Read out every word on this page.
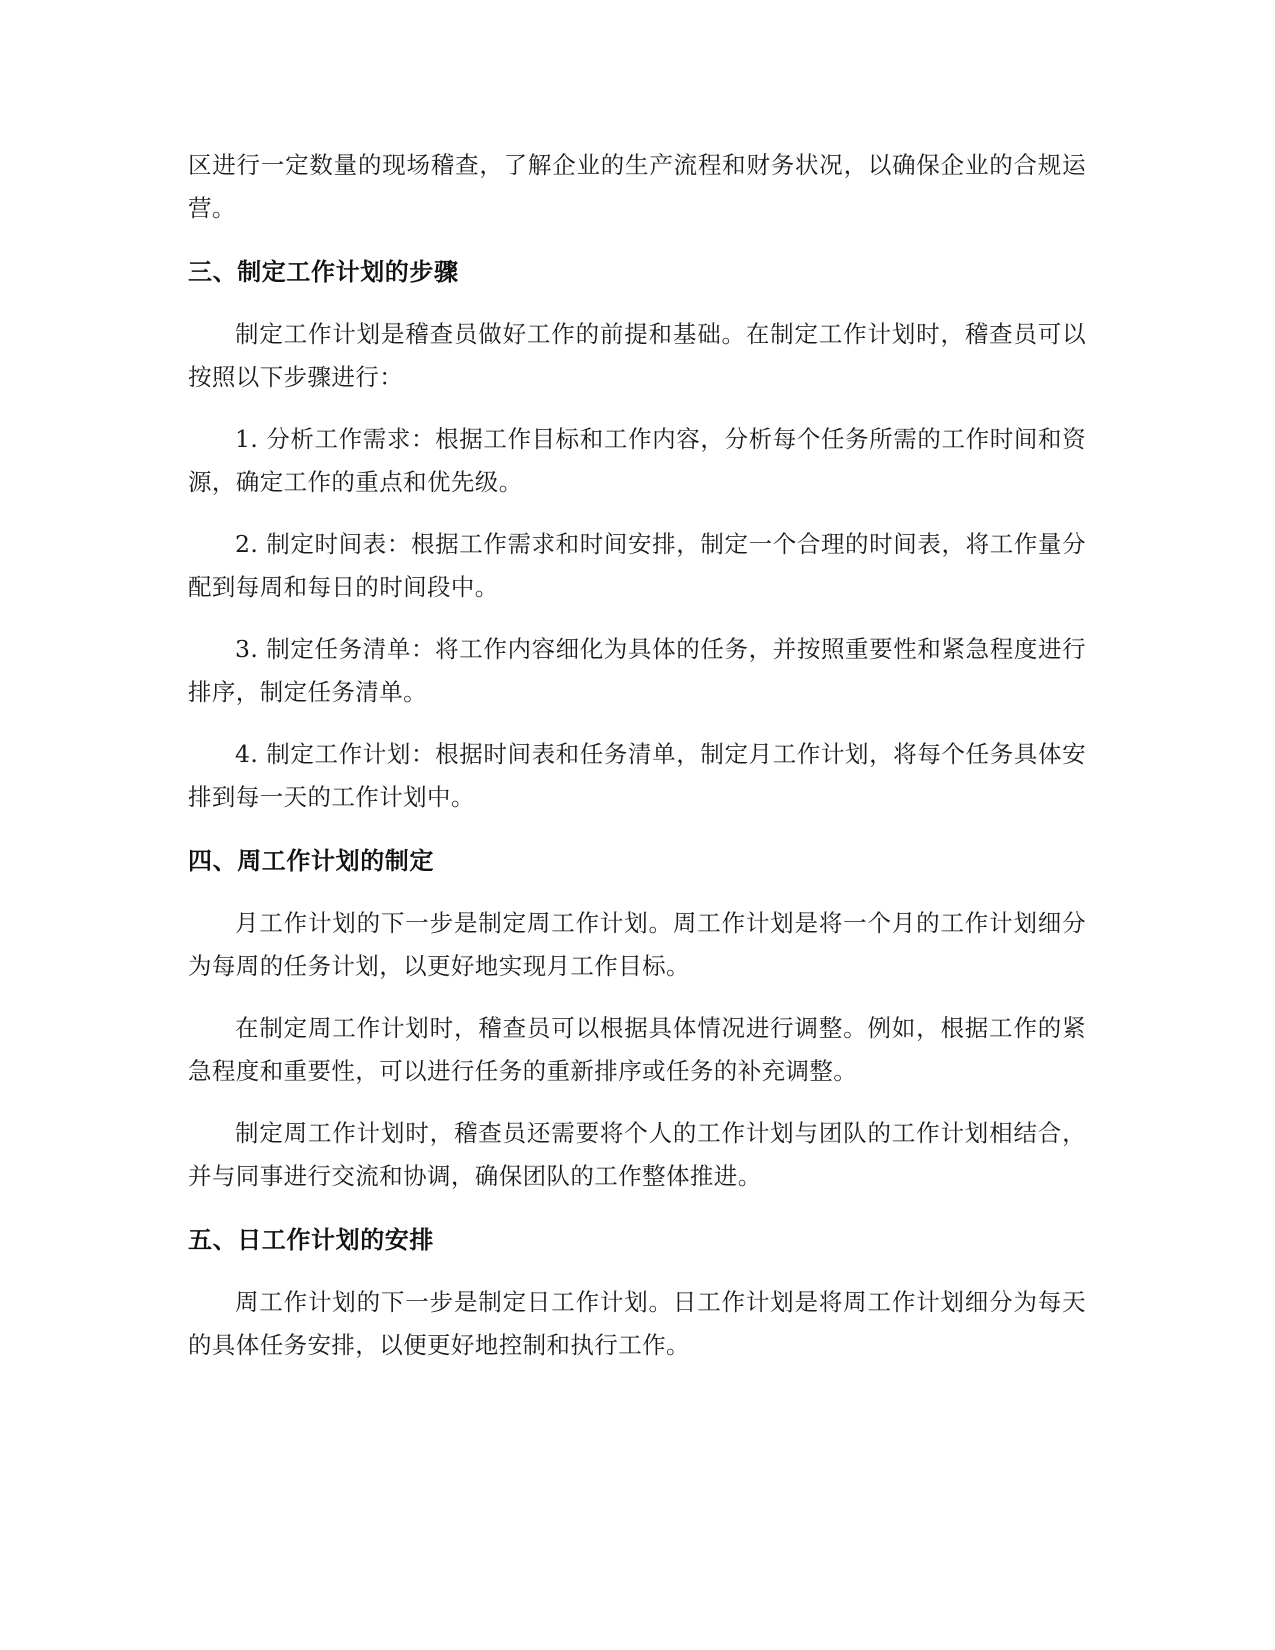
区进行一定数量的现场稽查，了解企业的生产流程和财务状况，以确保企业的合规运营。

三、制定工作计划的步骤

制定工作计划是稽查员做好工作的前提和基础。在制定工作计划时，稽查员可以按照以下步骤进行：

1. 分析工作需求：根据工作目标和工作内容，分析每个任务所需的工作时间和资源，确定工作的重点和优先级。

2. 制定时间表：根据工作需求和时间安排，制定一个合理的时间表，将工作量分配到每周和每日的时间段中。

3. 制定任务清单：将工作内容细化为具体的任务，并按照重要性和紧急程度进行排序，制定任务清单。

4. 制定工作计划：根据时间表和任务清单，制定月工作计划，将每个任务具体安排到每一天的工作计划中。

四、周工作计划的制定

月工作计划的下一步是制定周工作计划。周工作计划是将一个月的工作计划细分为每周的任务计划，以更好地实现月工作目标。

在制定周工作计划时，稽查员可以根据具体情况进行调整。例如，根据工作的紧急程度和重要性，可以进行任务的重新排序或任务的补充调整。

制定周工作计划时，稽查员还需要将个人的工作计划与团队的工作计划相结合，并与同事进行交流和协调，确保团队的工作整体推进。

五、日工作计划的安排

周工作计划的下一步是制定日工作计划。日工作计划是将周工作计划细分为每天的具体任务安排，以便更好地控制和执行工作。
